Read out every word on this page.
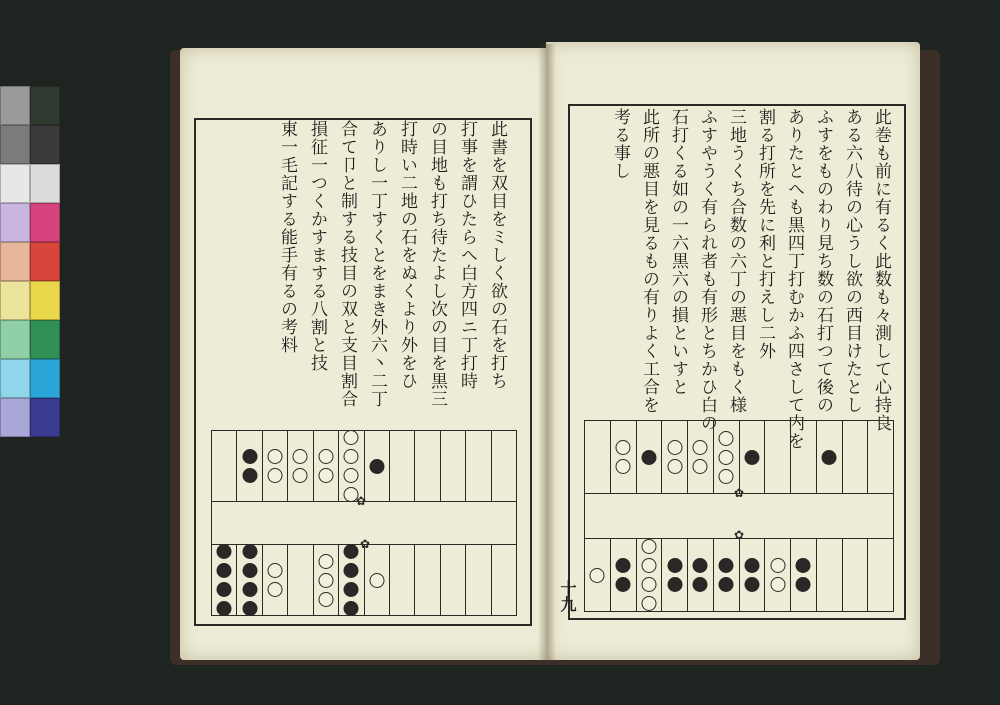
此書を双目をミしく欲の石を打ち
打事を謂ひたらへ白方四ニ丁打時
の目地も打ち待たよし次の目を黒三
打時い二地の石をぬくより外をひ
ありし一丁すくとをまき外六丶二丁
合て卩と制する技目の双と支目割合
損征一つくかすまする八割と技
東一毛記する能手有るの考料	此巻も前に有るく此数も々測して心持良
ある六八待の心うし欲の西目けたとし
ふすをものわり見ち数の石打つて後の
ありたとへも黒四丁打むかふ四さして内を
割る打所を先に利と打えし二外
三地うくち合数の六丁の悪目をもく様
ふすやうく有られ者も有形とちかひ白の
石打くる如の一六黒六の損といすと
此所の悪目を見るもの有りよく工合を
考る事し
十九
✿
✿
✿
✿
